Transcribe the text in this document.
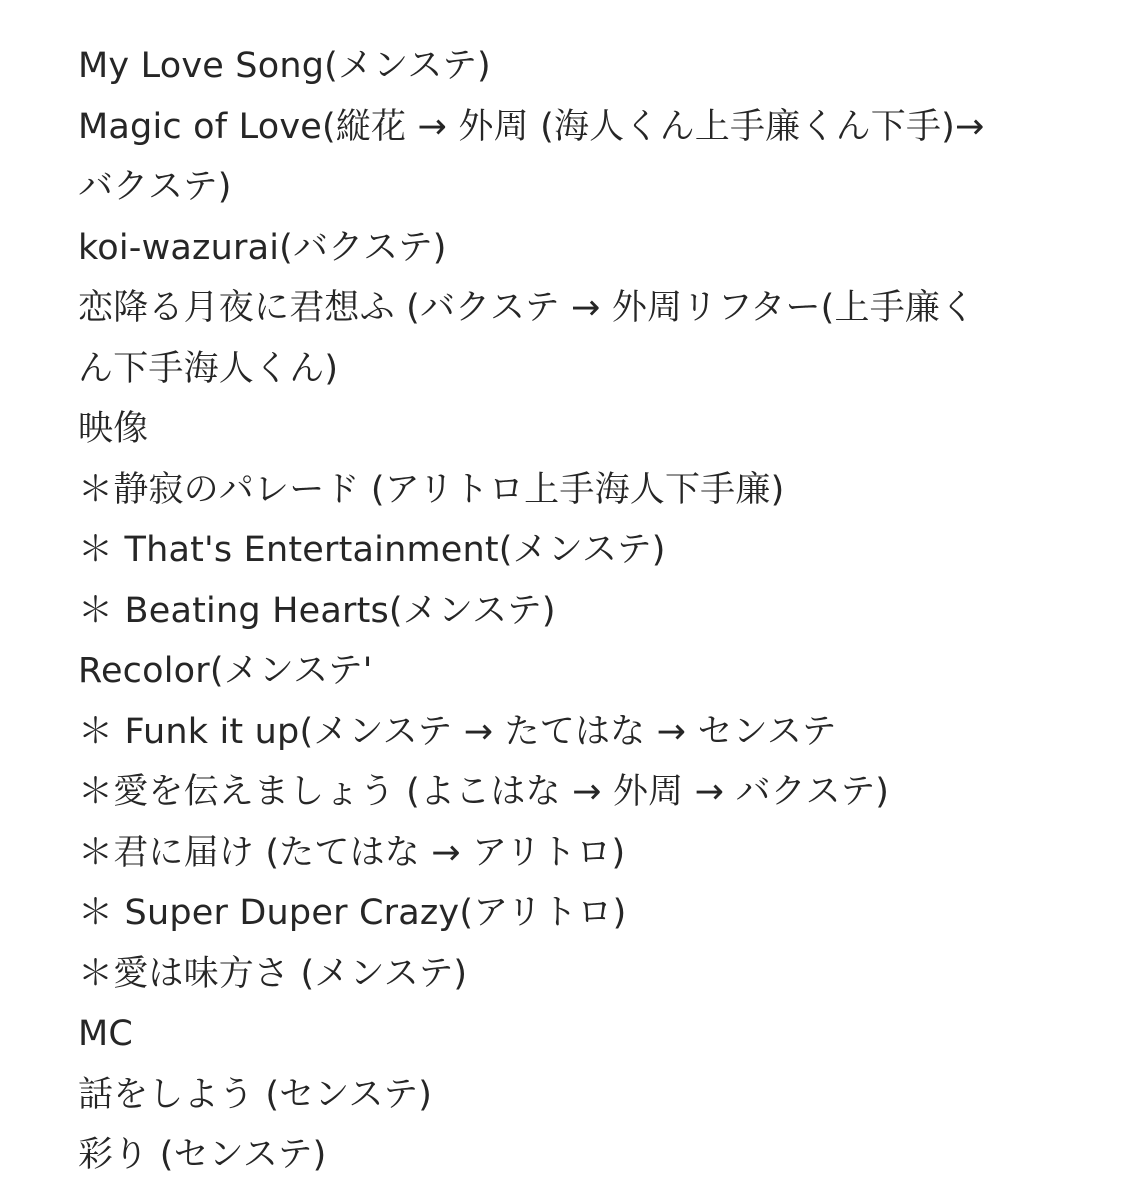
My Love Song(メンステ)
Magic of Love(縦花 → 外周 (海人くん上手廉くん下手)→
バクステ)
koi-wazurai(バクステ)
恋降る月夜に君想ふ (バクステ → 外周リフター(上手廉く
ん下手海人くん)
映像
＊静寂のパレード (アリトロ上手海人下手廉)
＊ That's Entertainment(メンステ)
＊ Beating Hearts(メンステ)
Recolor(メンステ'
＊ Funk it up(メンステ → たてはな → センステ
＊愛を伝えましょう (よこはな → 外周 → バクステ)
＊君に届け (たてはな → アリトロ)
＊ Super Duper Crazy(アリトロ)
＊愛は味方さ (メンステ)
MC
話をしよう (センステ)
彩り (センステ)
